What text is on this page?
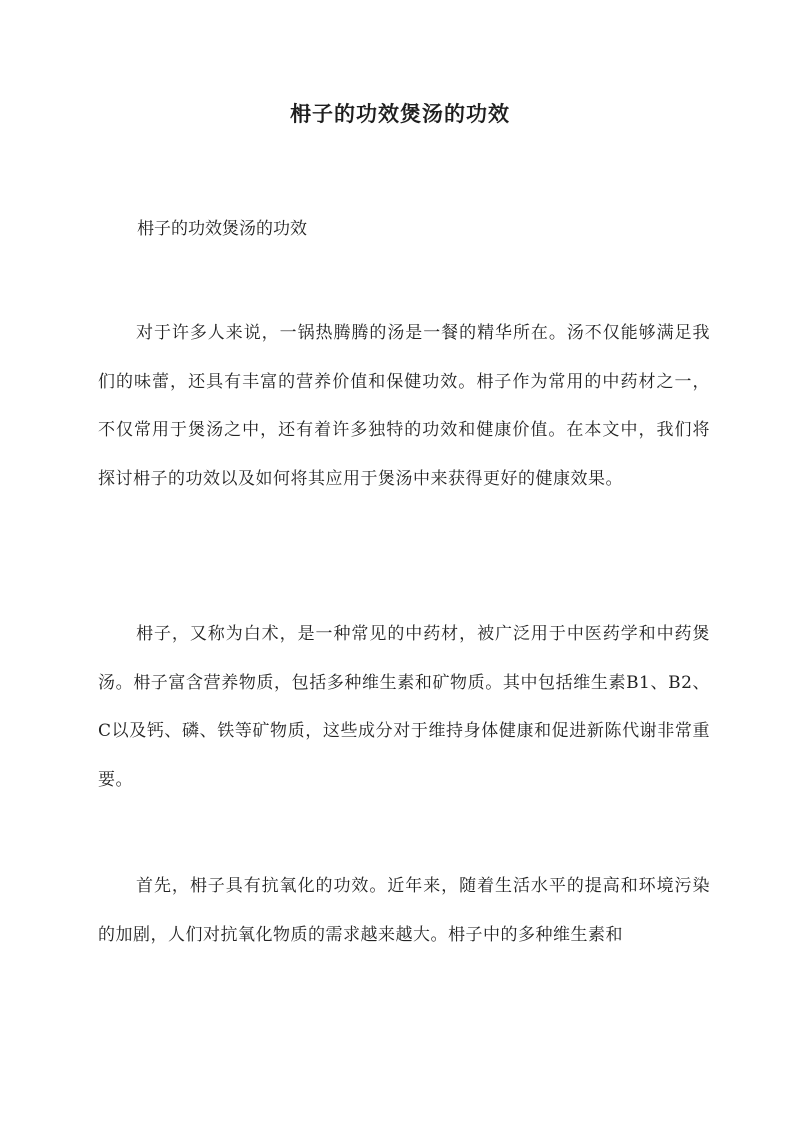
枏子的功效煲汤的功效
枏子的功效煲汤的功效

对于许多人来说，一锅热腾腾的汤是一餐的精华所在。汤不仅能够满足我们的味蕾，还具有丰富的营养价值和保健功效。枏子作为常用的中药材之一，不仅常用于煲汤之中，还有着许多独特的功效和健康价值。在本文中，我们将探讨枏子的功效以及如何将其应用于煲汤中来获得更好的健康效果。

枏子，又称为白术，是一种常见的中药材，被广泛用于中医药学和中药煲汤。枏子富含营养物质，包括多种维生素和矿物质。其中包括维生素B1、B2、C以及钙、磷、铁等矿物质，这些成分对于维持身体健康和促进新陈代谢非常重要。

首先，枏子具有抗氧化的功效。近年来，随着生活水平的提高和环境污染的加剧，人们对抗氧化物质的需求越来越大。枏子中的多种维生素和
